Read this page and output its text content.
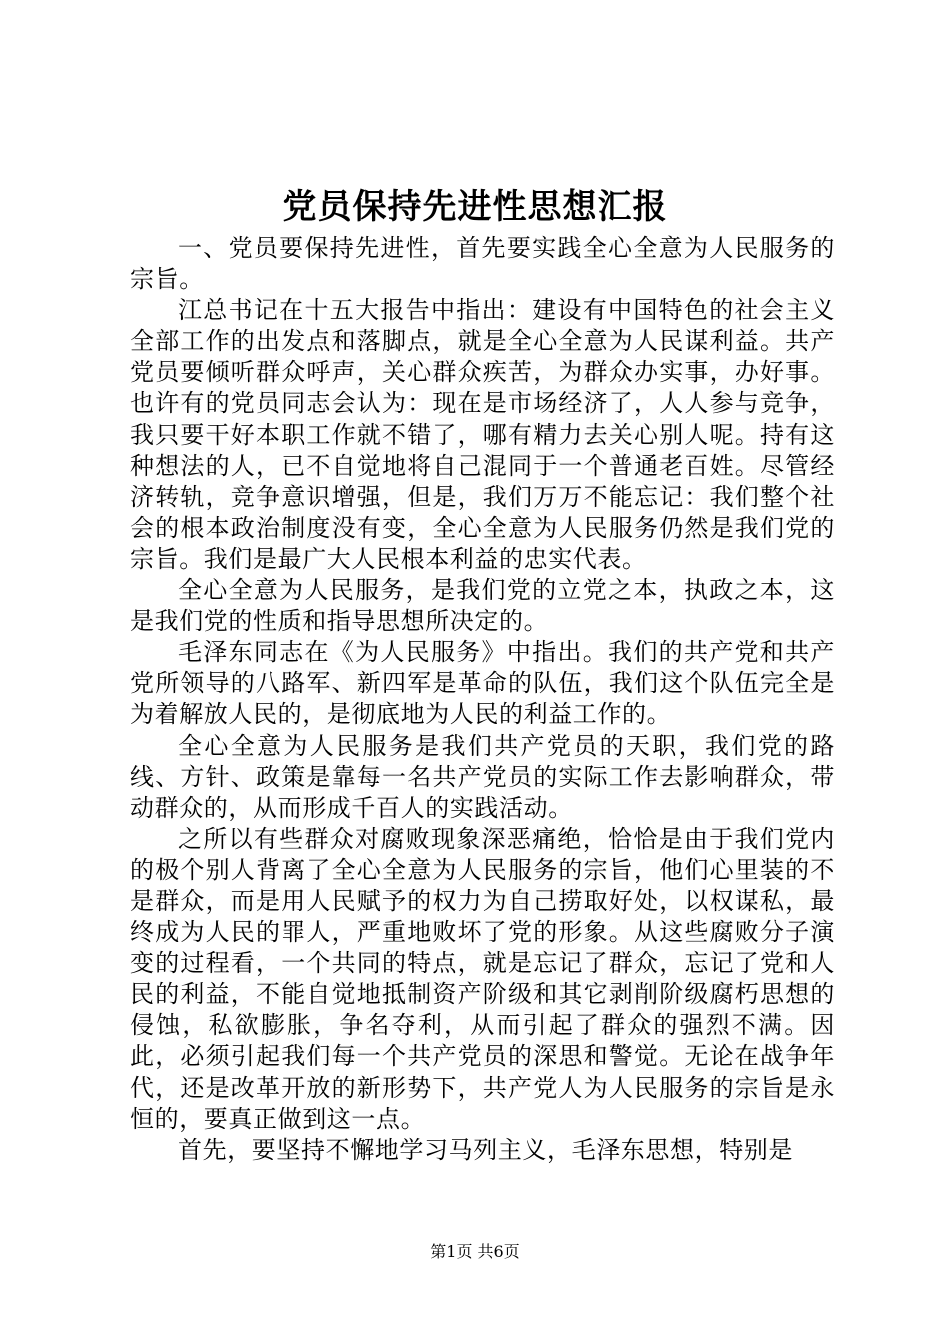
党员保持先进性思想汇报

一、党员要保持先进性，首先要实践全心全意为人民服务的宗旨。

江总书记在十五大报告中指出：建设有中国特色的社会主义全部工作的出发点和落脚点，就是全心全意为人民谋利益。共产党员要倾听群众呼声，关心群众疾苦，为群众办实事，办好事。也许有的党员同志会认为：现在是市场经济了，人人参与竞争，我只要干好本职工作就不错了，哪有精力去关心别人呢。持有这种想法的人，已不自觉地将自己混同于一个普通老百姓。尽管经济转轨，竞争意识增强，但是，我们万万不能忘记：我们整个社会的根本政治制度没有变，全心全意为人民服务仍然是我们党的宗旨。我们是最广大人民根本利益的忠实代表。

全心全意为人民服务，是我们党的立党之本，执政之本，这是我们党的性质和指导思想所决定的。

毛泽东同志在《为人民服务》中指出。我们的共产党和共产党所领导的八路军、新四军是革命的队伍，我们这个队伍完全是为着解放人民的，是彻底地为人民的利益工作的。

全心全意为人民服务是我们共产党员的天职，我们党的路线、方针、政策是靠每一名共产党员的实际工作去影响群众，带动群众的，从而形成千百人的实践活动。

之所以有些群众对腐败现象深恶痛绝，恰恰是由于我们党内的极个别人背离了全心全意为人民服务的宗旨，他们心里装的不是群众，而是用人民赋予的权力为自己捞取好处，以权谋私，最终成为人民的罪人，严重地败坏了党的形象。从这些腐败分子演变的过程看，一个共同的特点，就是忘记了群众，忘记了党和人民的利益，不能自觉地抵制资产阶级和其它剥削阶级腐朽思想的侵蚀，私欲膨胀，争名夺利，从而引起了群众的强烈不满。因此，必须引起我们每一个共产党员的深思和警觉。无论在战争年代，还是改革开放的新形势下，共产党人为人民服务的宗旨是永恒的，要真正做到这一点。

首先，要坚持不懈地学习马列主义，毛泽东思想，特别是

第1页 共6页
